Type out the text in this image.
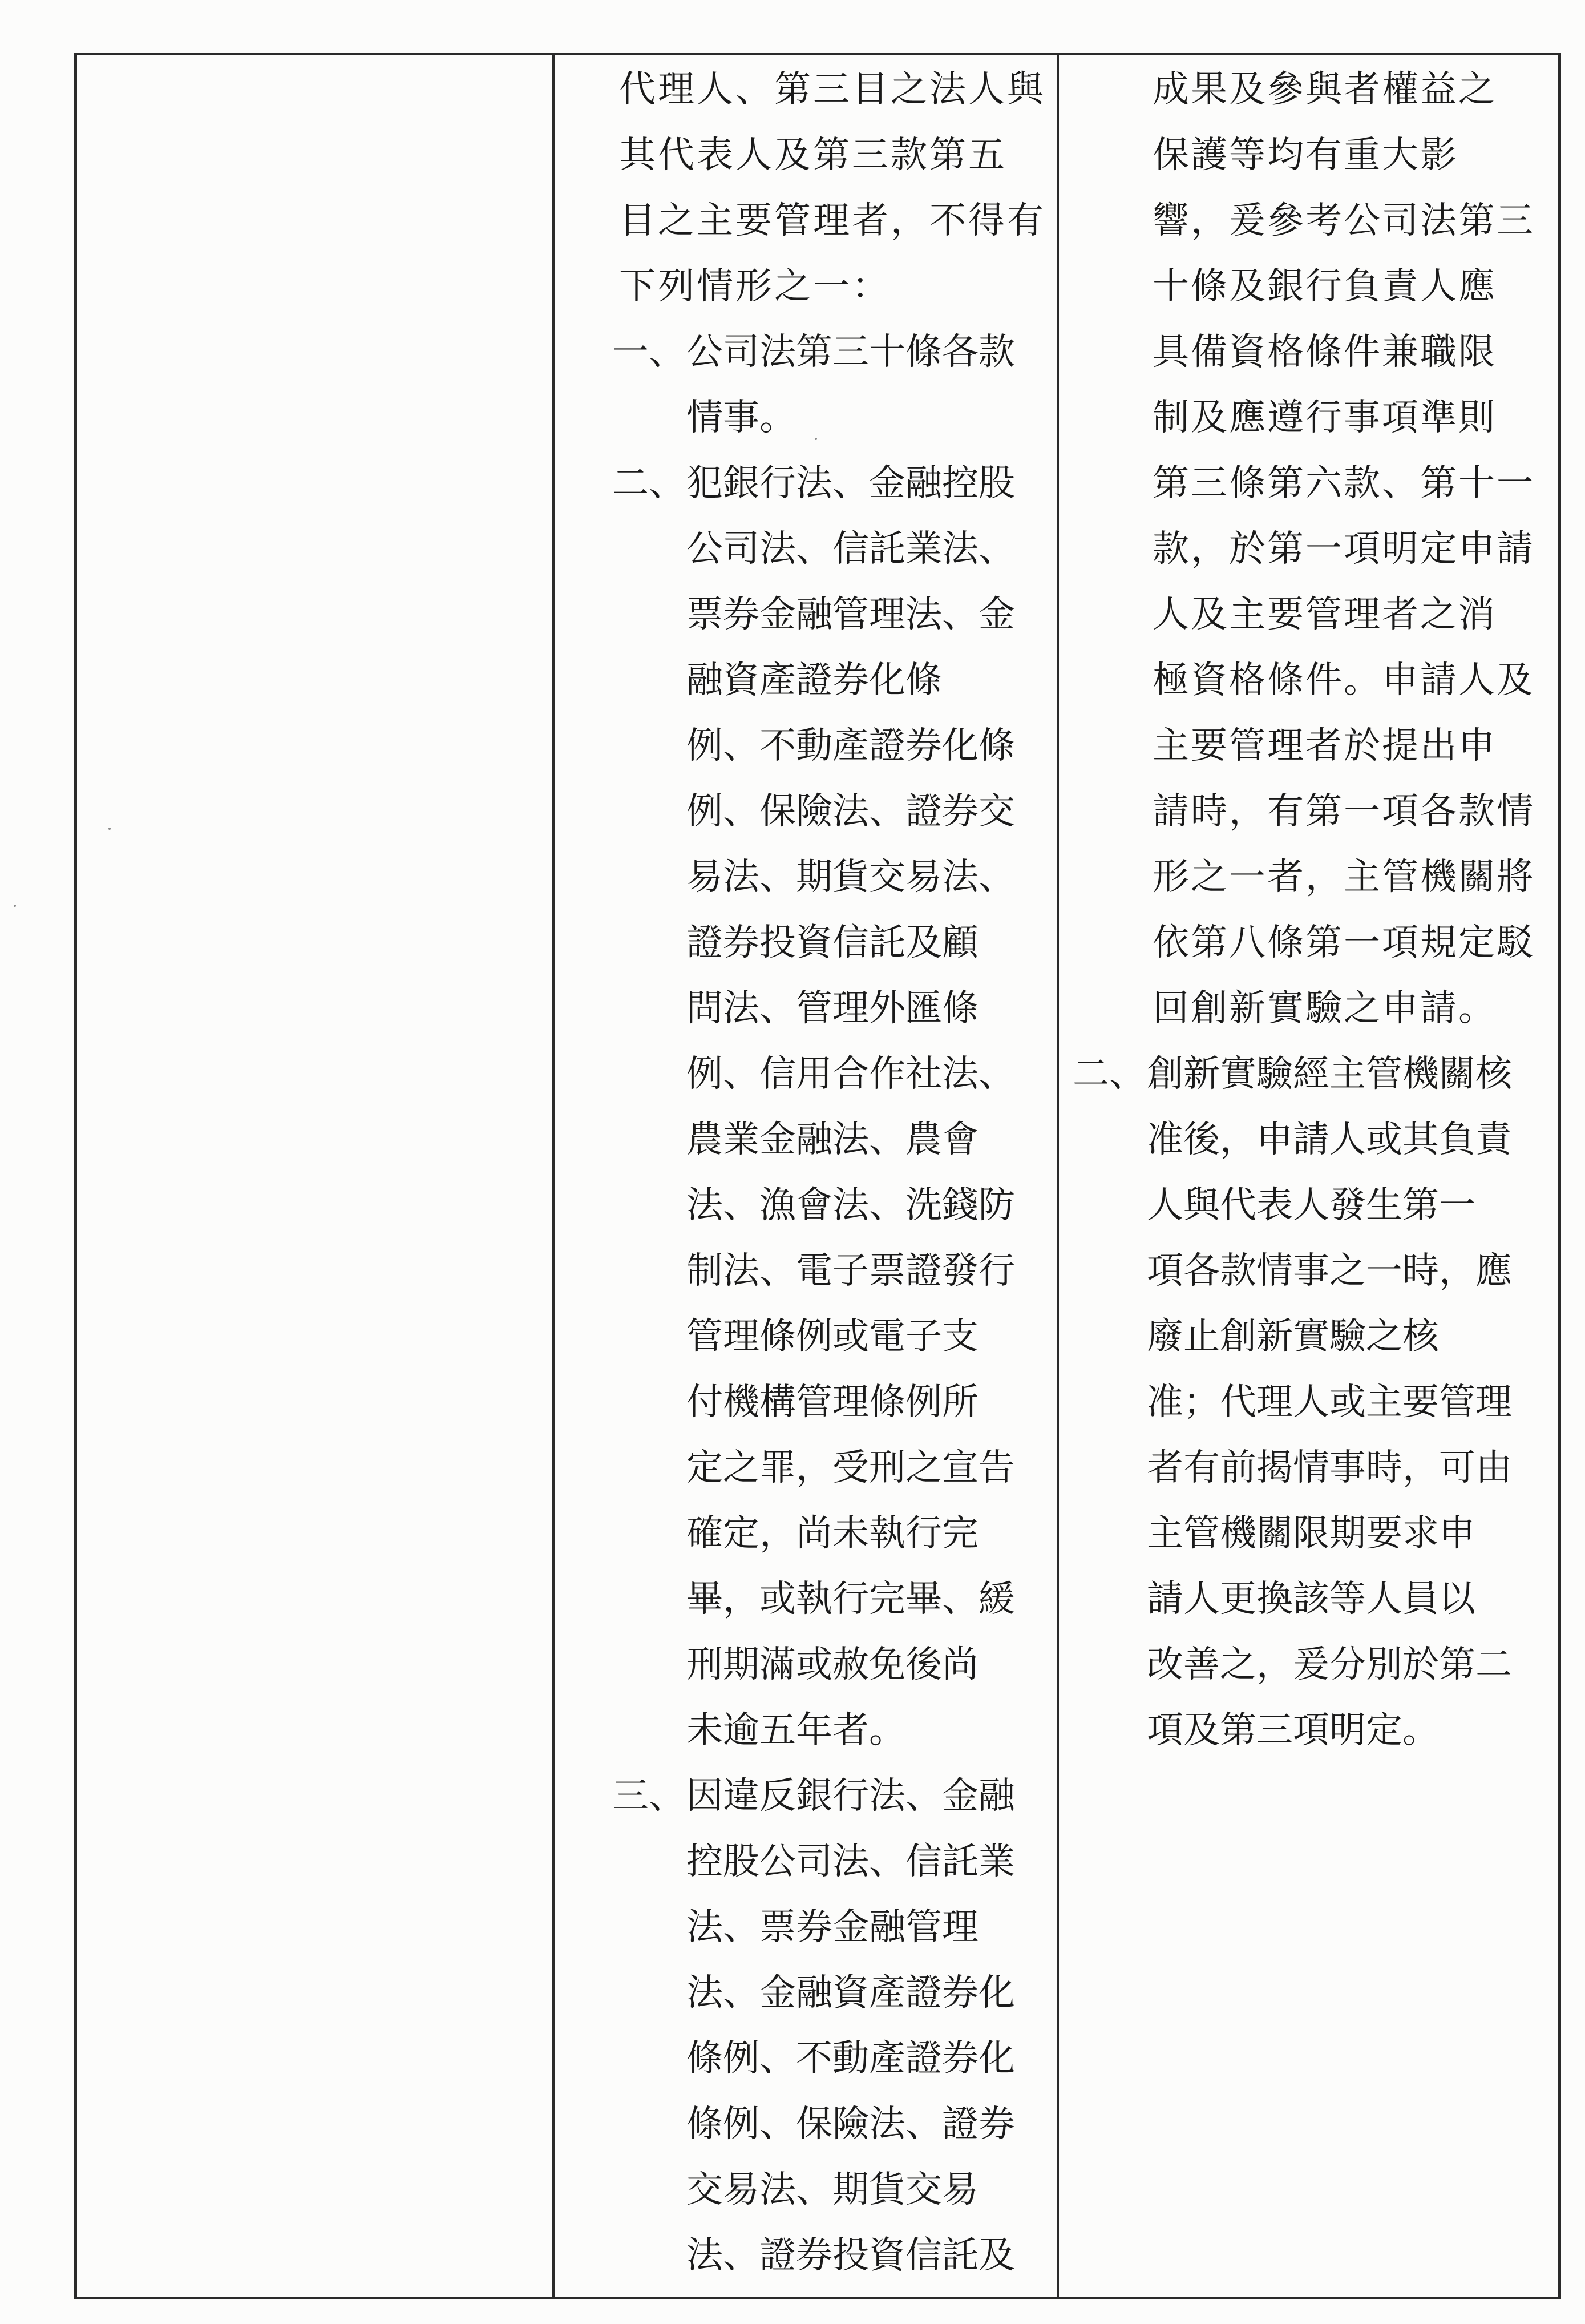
代理人、第三目之法人與
其代表人及第三款第五
目之主要管理者，不得有
下列情形之一：
一、公司法第三十條各款
情事。
二、犯銀行法、金融控股
公司法、信託業法、
票券金融管理法、金
融資產證券化條
例、不動產證券化條
例、保險法、證券交
易法、期貨交易法、
證券投資信託及顧
問法、管理外匯條
例、信用合作社法、
農業金融法、農會
法、漁會法、洗錢防
制法、電子票證發行
管理條例或電子支
付機構管理條例所
定之罪，受刑之宣告
確定，尚未執行完
畢，或執行完畢、緩
刑期滿或赦免後尚
未逾五年者。
三、因違反銀行法、金融
控股公司法、信託業
法、票券金融管理
法、金融資產證券化
條例、不動產證券化
條例、保險法、證券
交易法、期貨交易
法、證券投資信託及
成果及參與者權益之
保護等均有重大影
響，爰參考公司法第三
十條及銀行負責人應
具備資格條件兼職限
制及應遵行事項準則
第三條第六款、第十一
款，於第一項明定申請
人及主要管理者之消
極資格條件。申請人及
主要管理者於提出申
請時，有第一項各款情
形之一者，主管機關將
依第八條第一項規定駁
回創新實驗之申請。
二、創新實驗經主管機關核
准後，申請人或其負責
人與代表人發生第一
項各款情事之一時，應
廢止創新實驗之核
准；代理人或主要管理
者有前揭情事時，可由
主管機關限期要求申
請人更換該等人員以
改善之，爰分別於第二
項及第三項明定。
